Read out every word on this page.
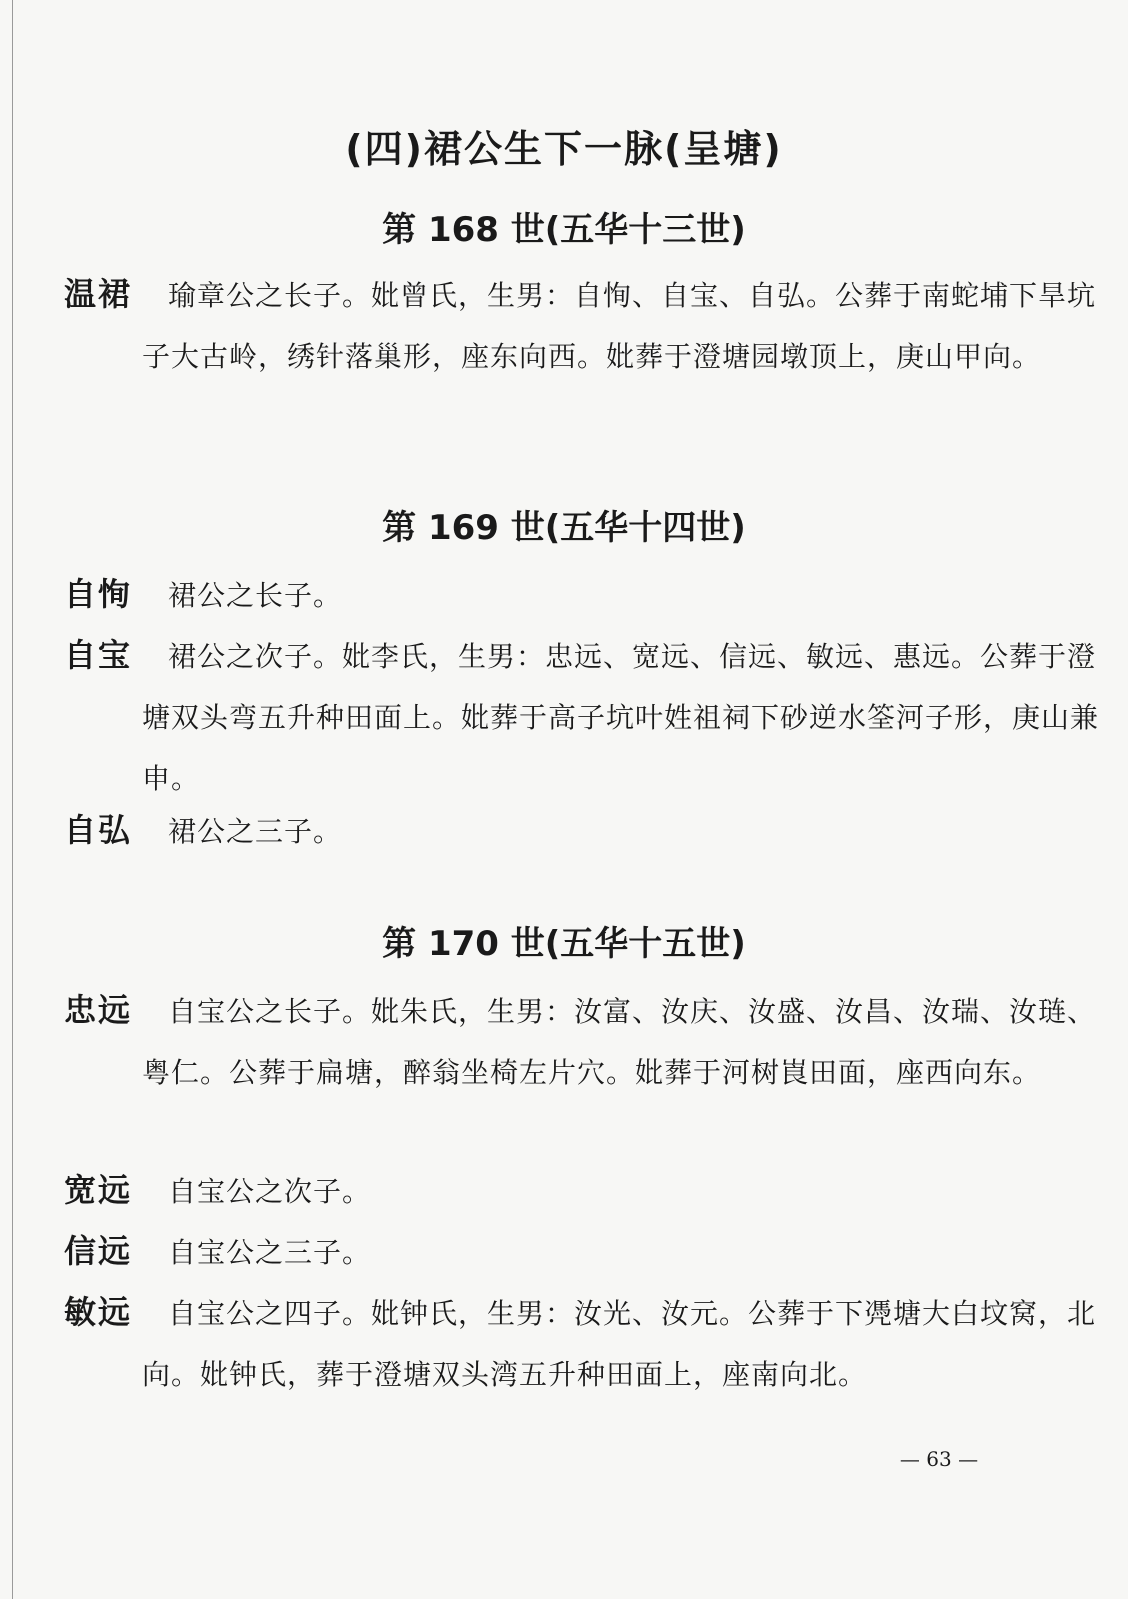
(四)裙公生下一脉(呈塘)
第 168 世(五华十三世)
温裙 瑜章公之长子。妣曾氏，生男：自恂、自宝、自弘。公葬于南蛇埔下旱坑子大古岭，绣针落巢形，座东向西。妣葬于澄塘园墩顶上，庚山甲向。
第 169 世(五华十四世)
自恂 裙公之长子。
自宝 裙公之次子。妣李氏，生男：忠远、宽远、信远、敏远、惠远。公葬于澄塘双头弯五升种田面上。妣葬于高子坑叶姓祖祠下砂逆水筌河子形，庚山兼申。
自弘 裙公之三子。
第 170 世(五华十五世)
忠远 自宝公之长子。妣朱氏，生男：汝富、汝庆、汝盛、汝昌、汝瑞、汝琏、粤仁。公葬于扁塘，醉翁坐椅左片穴。妣葬于河树崀田面，座西向东。
宽远 自宝公之次子。
信远 自宝公之三子。
敏远 自宝公之四子。妣钟氏，生男：汝光、汝元。公葬于下凴塘大白坟窝，北向。妣钟氏，葬于澄塘双头湾五升种田面上，座南向北。
— 63 —
